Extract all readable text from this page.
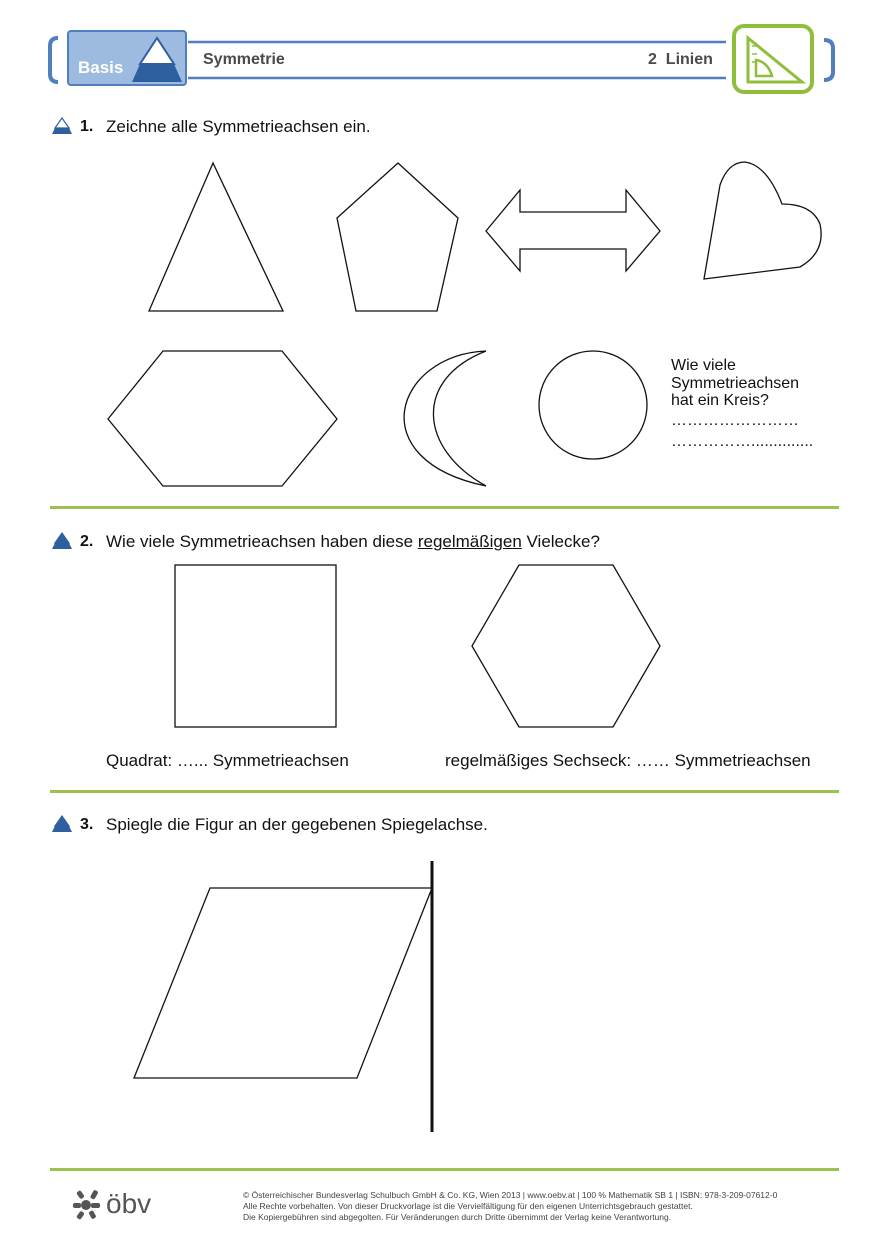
Basis	Symmetrie	2  Linien
1. Zeichne alle Symmetrieachsen ein.
Wie viele
Symmetrieachsen
hat ein Kreis?
……………………
……………..............
2. Wie viele Symmetrieachsen haben diese regelmäßigen Vielecke?
Quadrat: …... Symmetrieachsen	regelmäßiges Sechseck: …… Symmetrieachsen
3. Spiegle die Figur an der gegebenen Spiegelachse.
öbv	© Österreichischer Bundesverlag Schulbuch GmbH & Co. KG, Wien 2013 | www.oebv.at | 100 % Mathematik SB 1 | ISBN: 978-3-209-07612-0
Alle Rechte vorbehalten. Von dieser Druckvorlage ist die Vervielfältigung für den eigenen Unterrichtsgebrauch gestattet.
Die Kopiergebühren sind abgegolten. Für Veränderungen durch Dritte übernimmt der Verlag keine Verantwortung.
